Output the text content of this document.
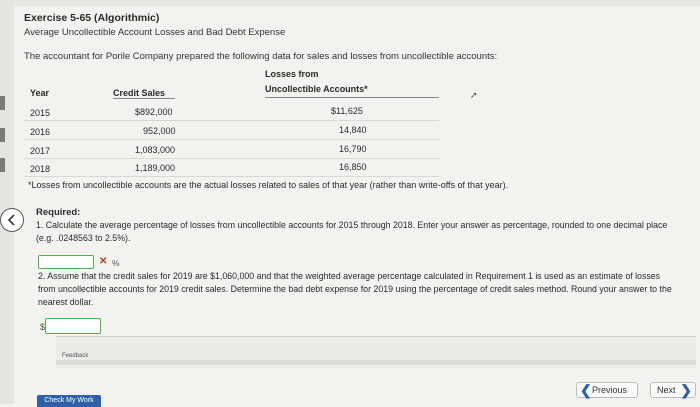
Exercise 5-65 (Algorithmic)
Average Uncollectible Account Losses and Bad Debt Expense
The accountant for Porile Company prepared the following data for sales and losses from uncollectible accounts:
Losses from
Uncollectible Accounts*
Year	Credit Sales
2015	$892,000	$11,625
2016	952,000	14,840
2017	1,083,000	16,790
2018	1,189,000	16,850
➚
*Losses from uncollectible accounts are the actual losses related to sales of that year (rather than write-offs of that year).
Required:
1. Calculate the average percentage of losses from uncollectible accounts for 2015 through 2018. Enter your answer as percentage, rounded to one decimal place
(e.g. .0248563 to 2.5%).
✕ %
2. Assume that the credit sales for 2019 are $1,060,000 and that the weighted average percentage calculated in Requirement 1 is used as an estimate of losses
from uncollectible accounts for 2019 credit sales. Determine the bad debt expense for 2019 using the percentage of credit sales method. Round your answer to the
nearest dollar.
$
Feedback
Check My Work
❮ Previous	Next ❯
